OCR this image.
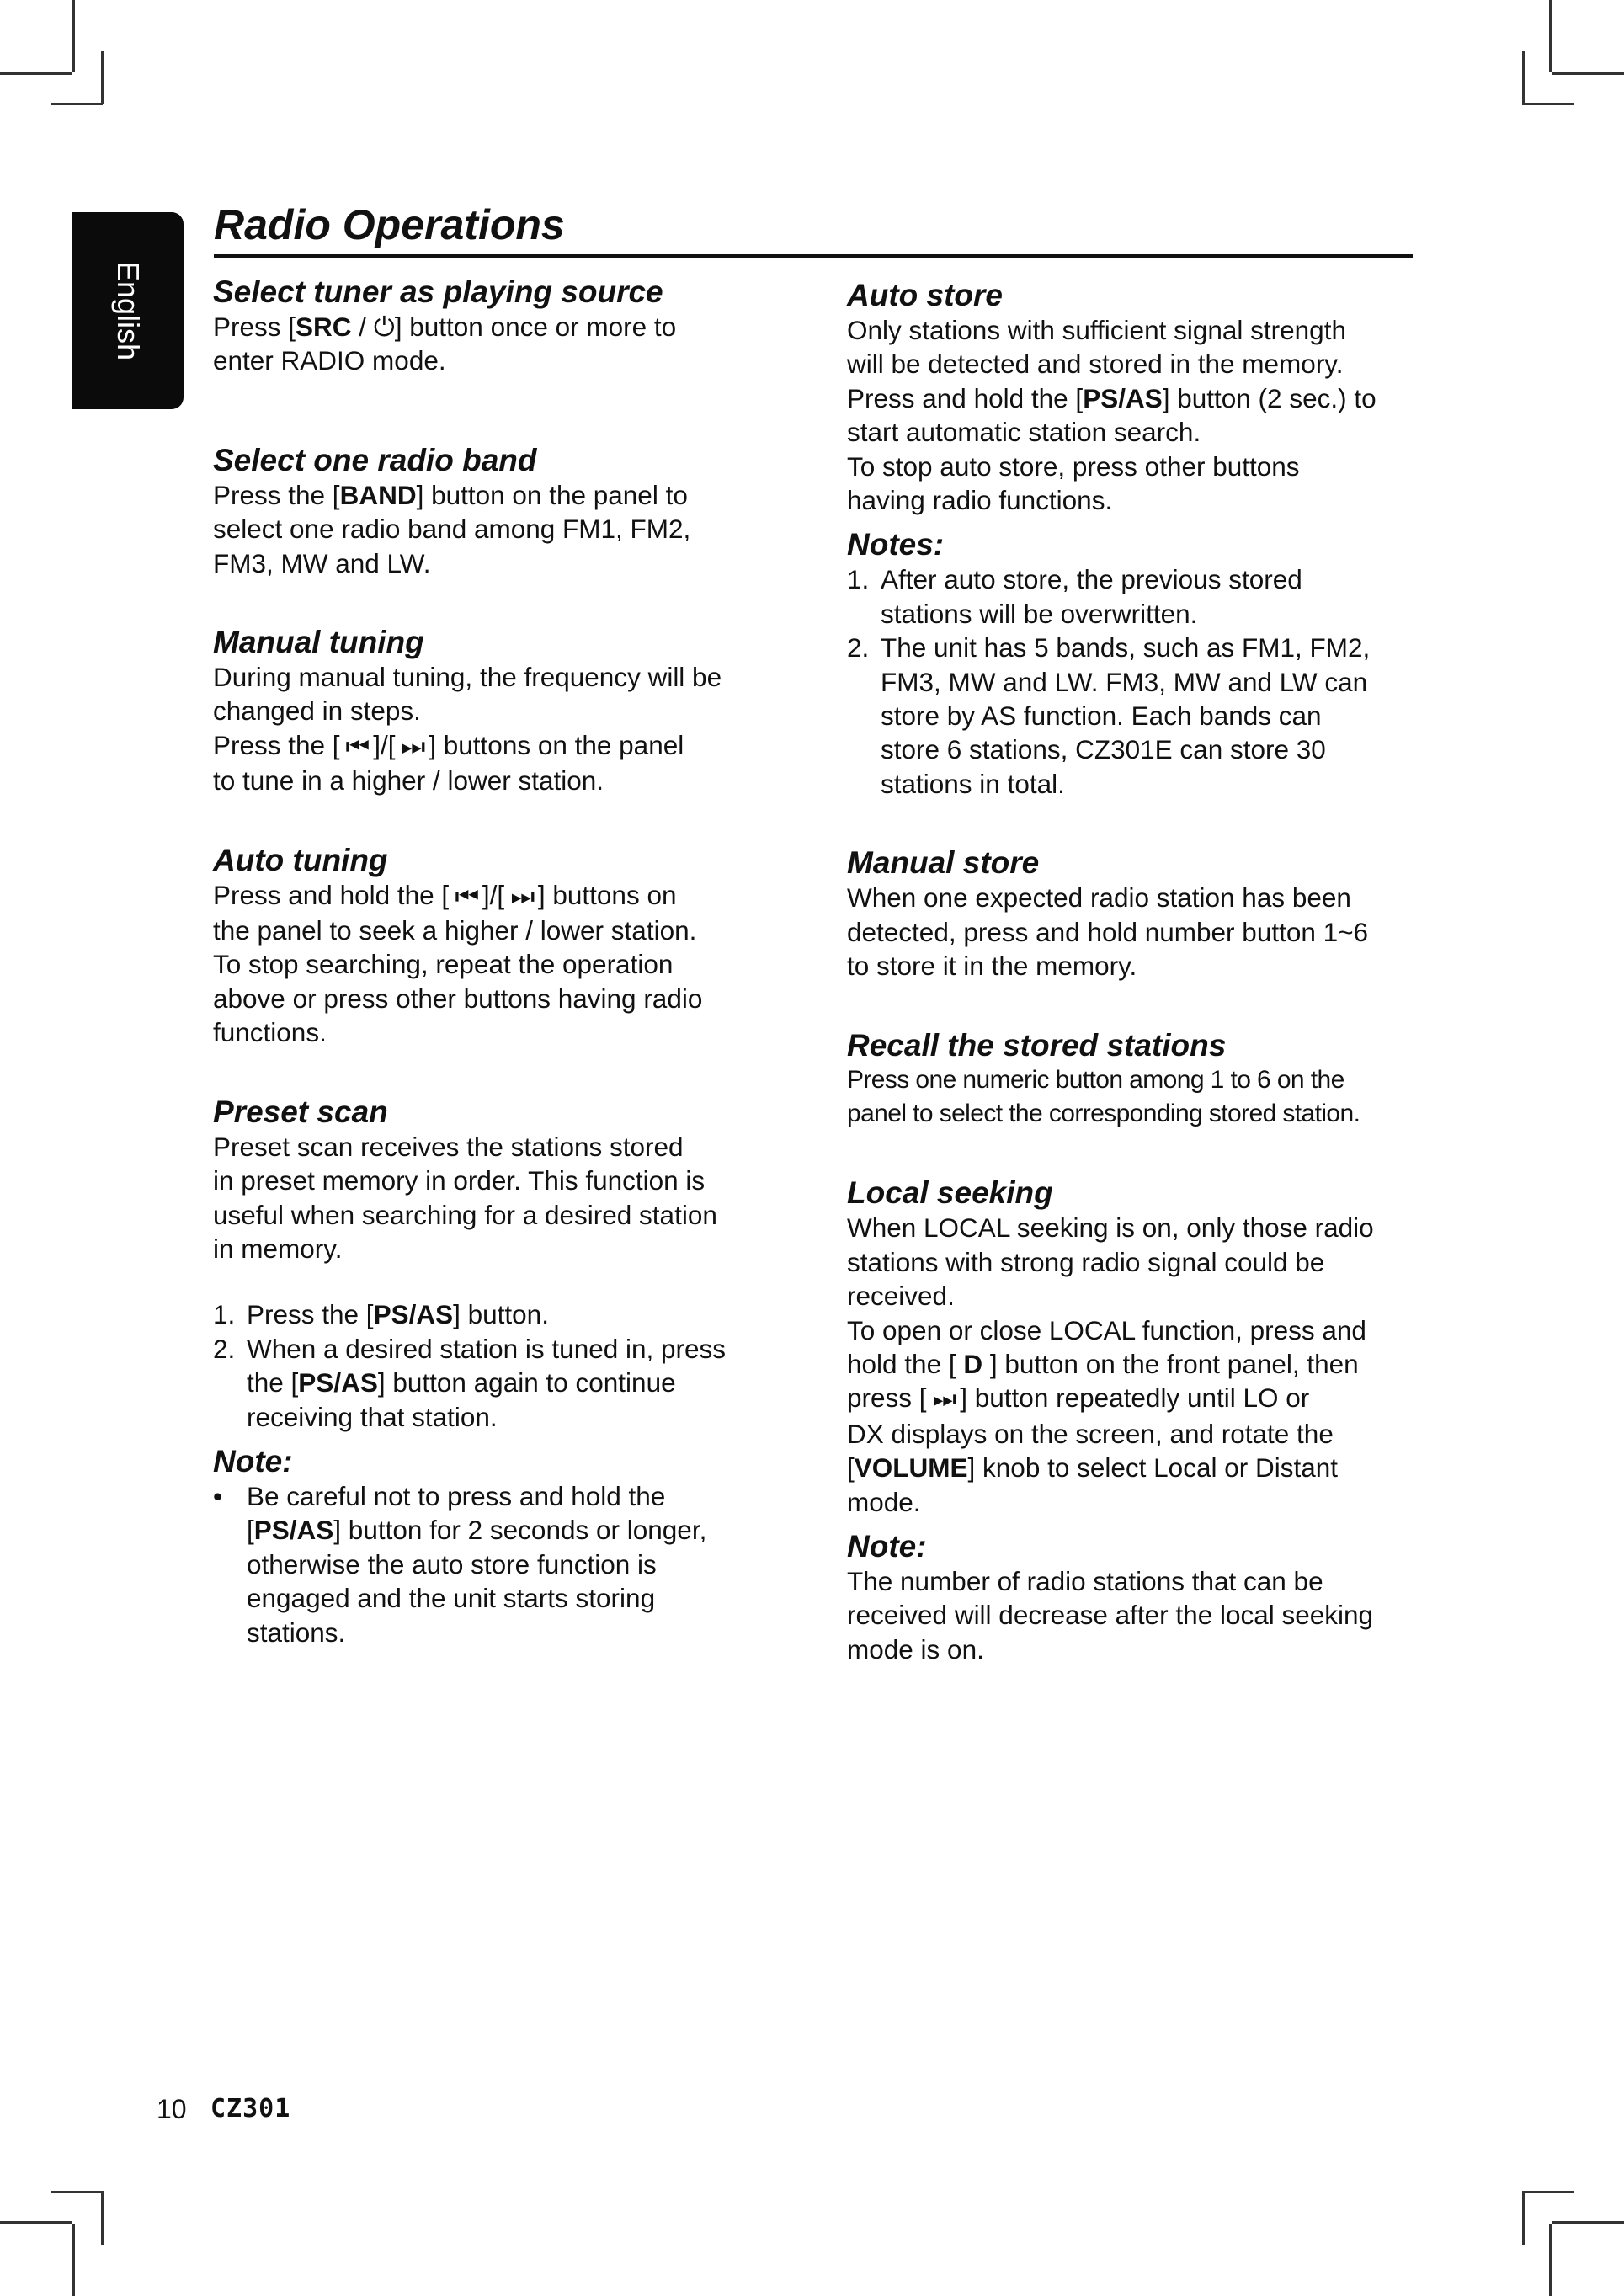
English
Radio Operations
Select tuner as playing source

Press [SRC / ⏻] button once or more to
enter RADIO mode.

Select one radio band

Press the [BAND] button on the panel to
select one radio band among FM1, FM2,
FM3, MW and LW.

Manual tuning

During manual tuning, the frequency will be
changed in steps.
Press the [ ⏮ ]/[ ⏭ ] buttons on the panel
to tune in a higher / lower station.

Auto tuning

Press and hold the [ ⏮ ]/[ ⏭ ] buttons on
the panel to seek a higher / lower station.
To stop searching, repeat the operation
above or press other buttons having radio
functions.

Preset scan

Preset scan receives the stations stored
in preset memory in order. This function is
useful when searching for a desired station
in memory.

1. Press the [PS/AS] button.
2. When a desired station is tuned in, press
the [PS/AS] button again to continue
receiving that station.
Note:
• Be careful not to press and hold the
[PS/AS] button for 2 seconds or longer,
otherwise the auto store function is
engaged and the unit starts storing
stations.
Auto store

Only stations with sufficient signal strength
will be detected and stored in the memory.
Press and hold the [PS/AS] button (2 sec.) to
start automatic station search.
To stop auto store, press other buttons
having radio functions.

Notes:
1. After auto store, the previous stored
stations will be overwritten.
2. The unit has 5 bands, such as FM1, FM2,
FM3, MW and LW. FM3, MW and LW can
store by AS function. Each bands can
store 6 stations, CZ301E can store 30
stations in total.
Manual store

When one expected radio station has been
detected, press and hold number button 1~6
to store it in the memory.

Recall the stored stations

Press one numeric button among 1 to 6 on the
panel to select the corresponding stored station.

Local seeking

When LOCAL seeking is on, only those radio
stations with strong radio signal could be
received.
To open or close LOCAL function, press and
hold the [ D ] button on the front panel, then
press [ ⏭ ] button repeatedly until LO or
DX displays on the screen, and rotate the
[VOLUME] knob to select Local or Distant
mode.

Note:

The number of radio stations that can be
received will decrease after the local seeking
mode is on.

10 CZ301
